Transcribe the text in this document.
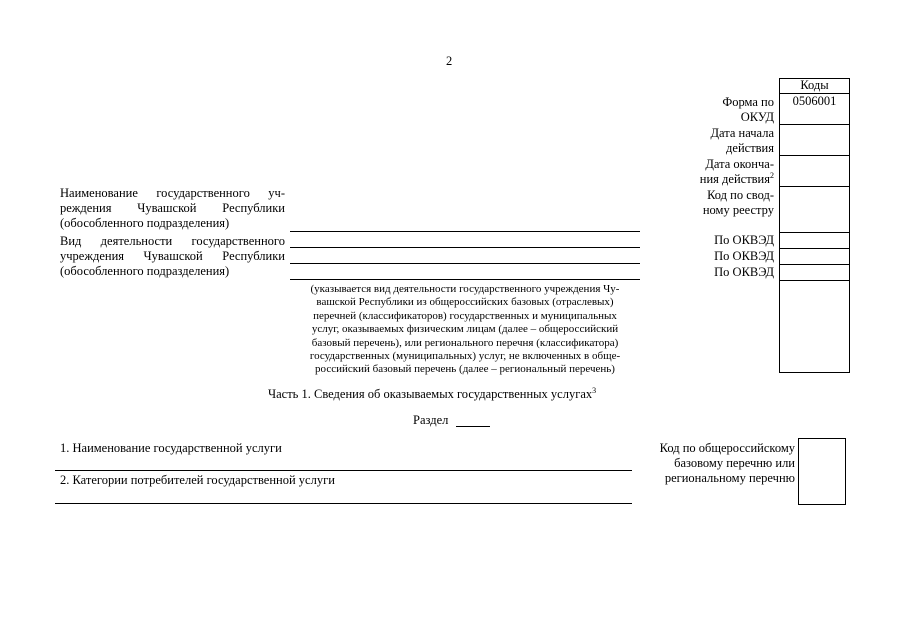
2
Коды
0506001
Форма по
ОКУД
Дата начала
действия
Дата оконча-
ния действия$^2$
Код по свод-
ному реестру
По ОКВЭД
По ОКВЭД
По ОКВЭД
Наименование государственного уч-
реждения Чувашской Республики
(обособленного подразделения)
Вид деятельности государственного
учреждения Чувашской Республики
(обособленного подразделения)
(указывается вид деятельности государственного учреждения Чу-
вашской Республики из общероссийских базовых (отраслевых)
перечней (классификаторов) государственных и муниципальных
услуг, оказываемых физическим лицам (далее – общероссийский
базовый перечень), или регионального перечня (классификатора)
государственных (муниципальных) услуг, не включенных в обще-
российский базовый перечень (далее – региональный перечень)
Часть 1. Сведения об оказываемых государственных услугах$^3$
Раздел
1. Наименование государственной услуги
2. Категории потребителей государственной услуги
Код по общероссийскому
базовому перечню или
региональному перечню
